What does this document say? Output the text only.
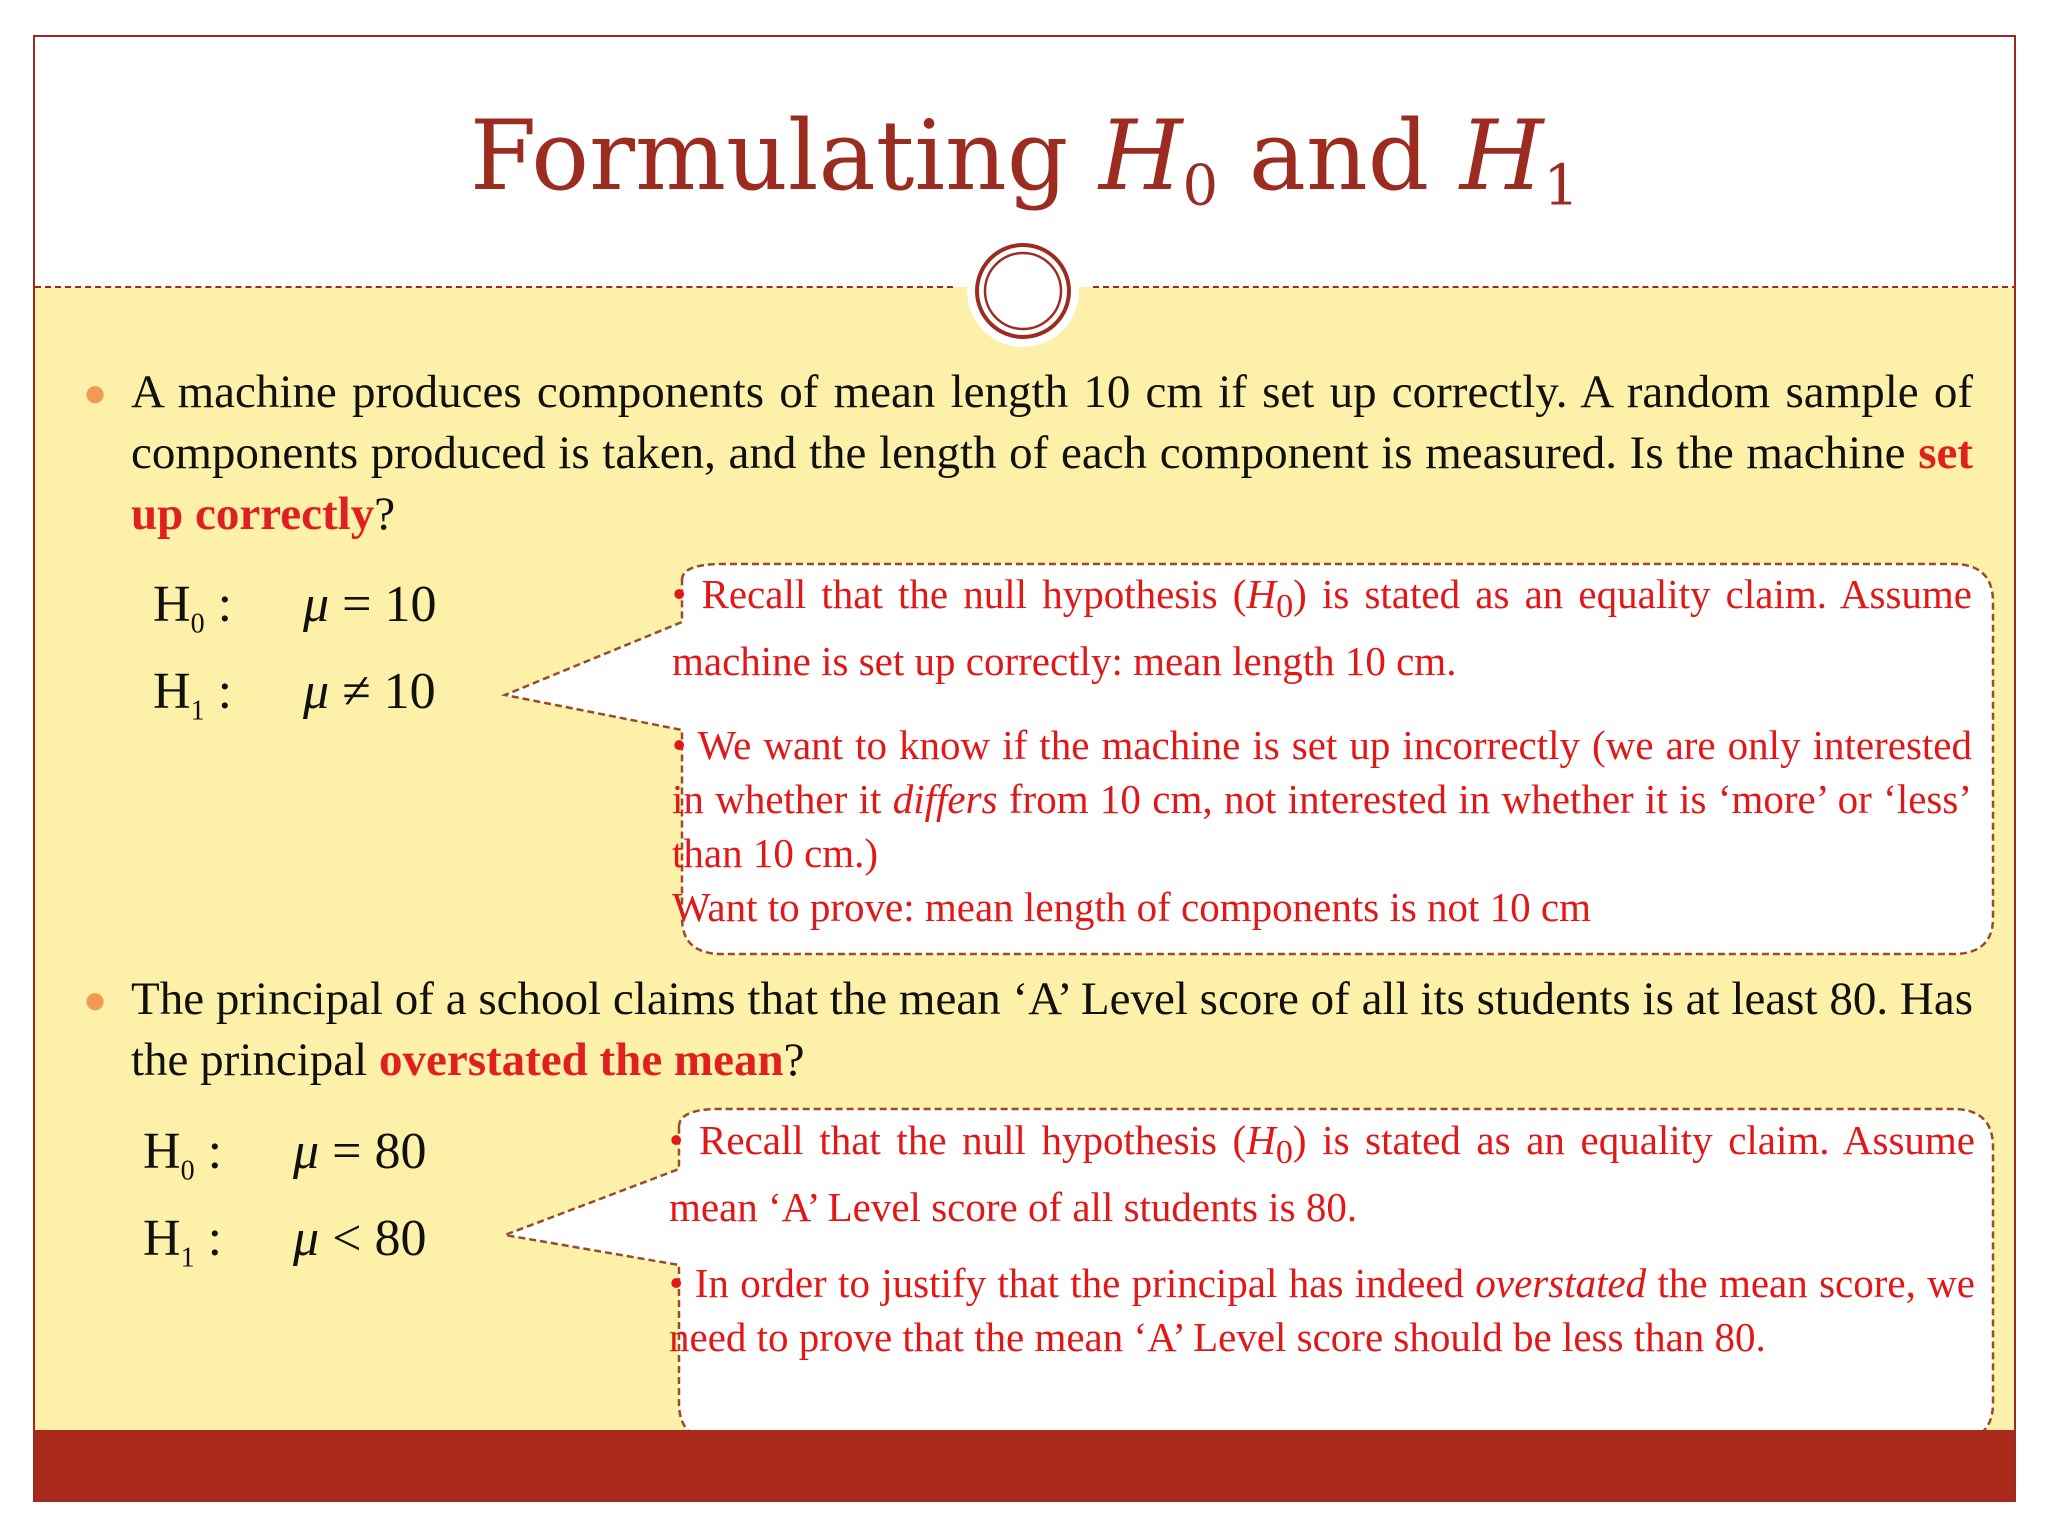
Formulating $H_0$ and $H_1$
● A machine produces components of mean length 10 cm if set up correctly. A random sample of components produced is taken, and the length of each component is measured. Is the machine set up correctly?
$H_0$ : μ = 10
$H_1$ : μ ≠ 10

• Recall that the null hypothesis $(H_0)$ is stated as an equality claim. Assume machine is set up correctly: mean length 10 cm.

• We want to know if the machine is set up incorrectly (we are only interested in whether it differs from 10 cm, not interested in whether it is ‘more’ or ‘less’ than 10 cm.)

Want to prove: mean length of components is not 10 cm

● The principal of a school claims that the mean ‘A’ Level score of all its students is at least 80. Has the principal overstated the mean?
$H_0$ : μ = 80
$H_1$ : μ < 80

• Recall that the null hypothesis $(H_0)$ is stated as an equality claim. Assume mean ‘A’ Level score of all students is 80.

• In order to justify that the principal has indeed overstated the mean score, we need to prove that the mean ‘A’ Level score should be less than 80.
